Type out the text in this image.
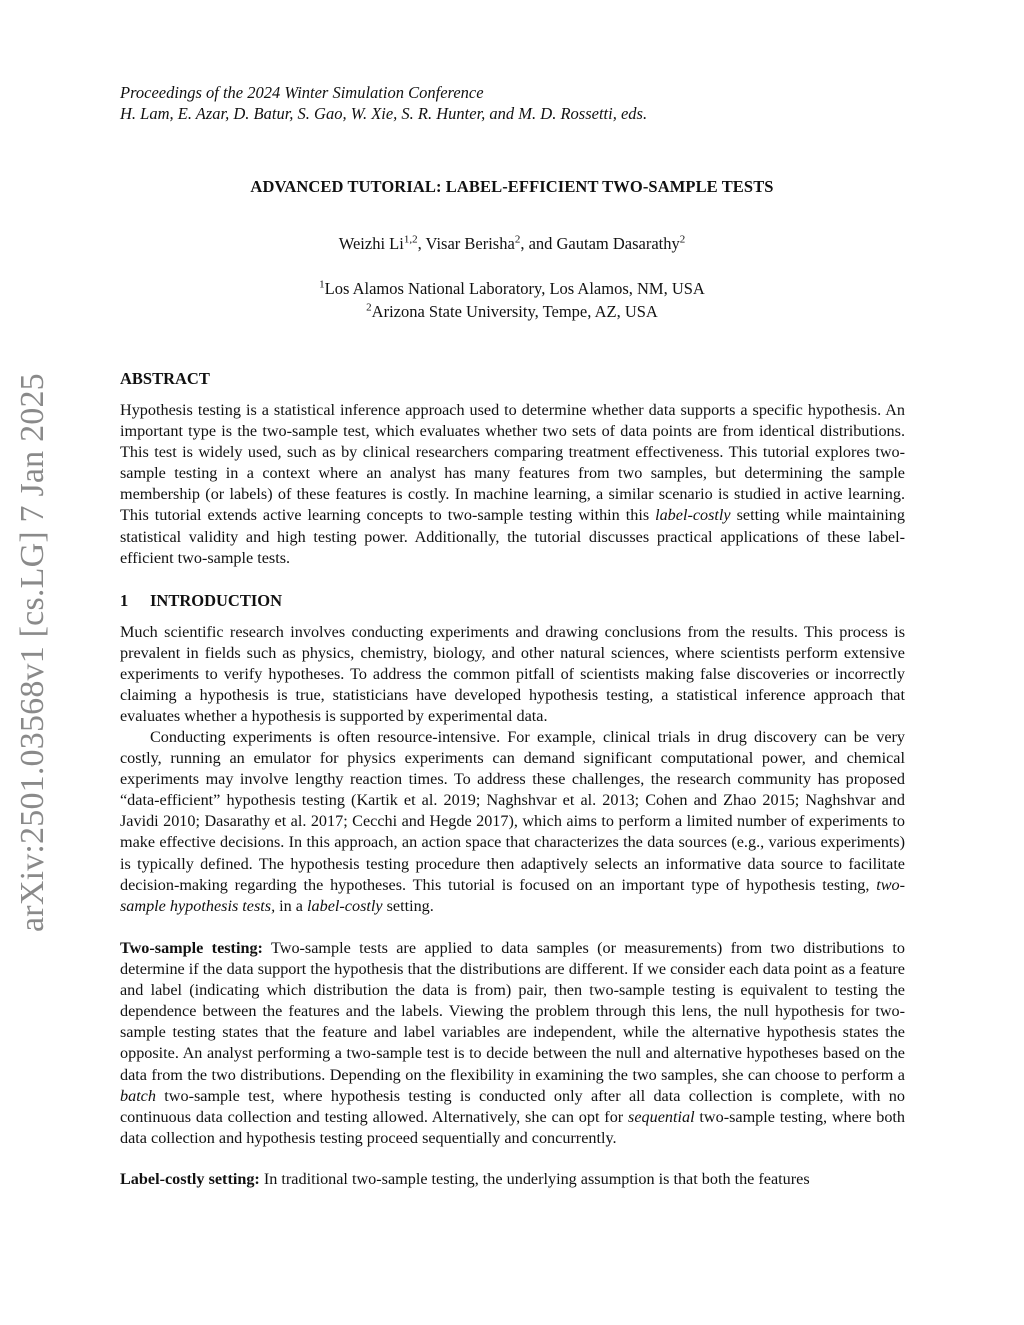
Proceedings of the 2024 Winter Simulation Conference
H. Lam, E. Azar, D. Batur, S. Gao, W. Xie, S. R. Hunter, and M. D. Rossetti, eds.
ADVANCED TUTORIAL: LABEL-EFFICIENT TWO-SAMPLE TESTS
Weizhi Li$^{1,2}$, Visar Berisha$^2$, and Gautam Dasarathy$^2$
$^1$Los Alamos National Laboratory, Los Alamos, NM, USA
$^2$Arizona State University, Tempe, AZ, USA
arXiv:2501.03568v1 [cs.LG] 7 Jan 2025	ABSTRACT
Hypothesis testing is a statistical inference approach used to determine whether data supports a specific hypothesis. An important type is the two-sample test, which evaluates whether two sets of data points are from identical distributions. This test is widely used, such as by clinical researchers comparing treatment effectiveness. This tutorial explores two-sample testing in a context where an analyst has many features from two samples, but determining the sample membership (or labels) of these features is costly. In machine learning, a similar scenario is studied in active learning. This tutorial extends active learning concepts to two-sample testing within this label-costly setting while maintaining statistical validity and high testing power. Additionally, the tutorial discusses practical applications of these label-efficient two-sample tests.
1 INTRODUCTION
Much scientific research involves conducting experiments and drawing conclusions from the results. This process is prevalent in fields such as physics, chemistry, biology, and other natural sciences, where scientists perform extensive experiments to verify hypotheses. To address the common pitfall of scientists making false discoveries or incorrectly claiming a hypothesis is true, statisticians have developed hypothesis testing, a statistical inference approach that evaluates whether a hypothesis is supported by experimental data.
Conducting experiments is often resource-intensive. For example, clinical trials in drug discovery can be very costly, running an emulator for physics experiments can demand significant computational power, and chemical experiments may involve lengthy reaction times. To address these challenges, the research community has proposed “data-efficient” hypothesis testing (Kartik et al. 2019; Naghshvar et al. 2013; Cohen and Zhao 2015; Naghshvar and Javidi 2010; Dasarathy et al. 2017; Cecchi and Hegde 2017), which aims to perform a limited number of experiments to make effective decisions. In this approach, an action space that characterizes the data sources (e.g., various experiments) is typically defined. The hypothesis testing procedure then adaptively selects an informative data source to facilitate decision-making regarding the hypotheses. This tutorial is focused on an important type of hypothesis testing, two-sample hypothesis tests, in a label-costly setting.
Two-sample testing: Two-sample tests are applied to data samples (or measurements) from two distributions to determine if the data support the hypothesis that the distributions are different. If we consider each data point as a feature and label (indicating which distribution the data is from) pair, then two-sample testing is equivalent to testing the dependence between the features and the labels. Viewing the problem through this lens, the null hypothesis for two-sample testing states that the feature and label variables are independent, while the alternative hypothesis states the opposite. An analyst performing a two-sample test is to decide between the null and alternative hypotheses based on the data from the two distributions. Depending on the flexibility in examining the two samples, she can choose to perform a batch two-sample test, where hypothesis testing is conducted only after all data collection is complete, with no continuous data collection and testing allowed. Alternatively, she can opt for sequential two-sample testing, where both data collection and hypothesis testing proceed sequentially and concurrently.
Label-costly setting: In traditional two-sample testing, the underlying assumption is that both the features
